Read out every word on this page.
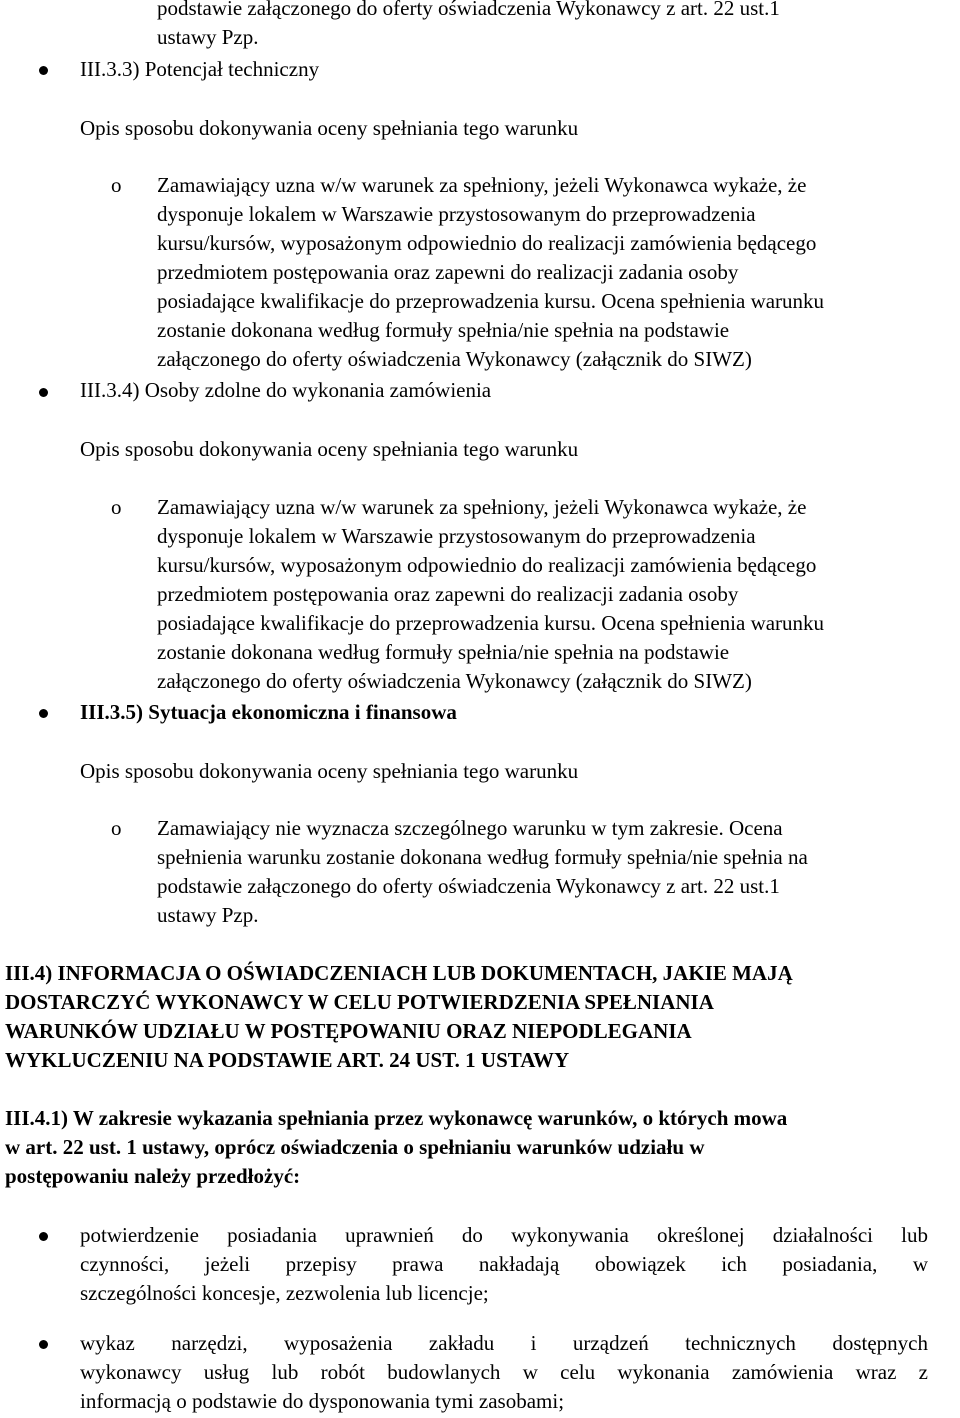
podstawie załączonego do oferty oświadczenia Wykonawcy z art. 22 ust.1
ustawy Pzp.
III.3.3) Potencjał techniczny
Opis sposobu dokonywania oceny spełniania tego warunku
o Zamawiający uzna w/w warunek za spełniony, jeżeli Wykonawca wykaże, że
dysponuje lokalem w Warszawie przystosowanym do przeprowadzenia
kursu/kursów, wyposażonym odpowiednio do realizacji zamówienia będącego
przedmiotem postępowania oraz zapewni do realizacji zadania osoby
posiadające kwalifikacje do przeprowadzenia kursu. Ocena spełnienia warunku
zostanie dokonana według formuły spełnia/nie spełnia na podstawie
załączonego do oferty oświadczenia Wykonawcy (załącznik do SIWZ)
III.3.4) Osoby zdolne do wykonania zamówienia
Opis sposobu dokonywania oceny spełniania tego warunku
o Zamawiający uzna w/w warunek za spełniony, jeżeli Wykonawca wykaże, że
dysponuje lokalem w Warszawie przystosowanym do przeprowadzenia
kursu/kursów, wyposażonym odpowiednio do realizacji zamówienia będącego
przedmiotem postępowania oraz zapewni do realizacji zadania osoby
posiadające kwalifikacje do przeprowadzenia kursu. Ocena spełnienia warunku
zostanie dokonana według formuły spełnia/nie spełnia na podstawie
załączonego do oferty oświadczenia Wykonawcy (załącznik do SIWZ)
III.3.5) Sytuacja ekonomiczna i finansowa
Opis sposobu dokonywania oceny spełniania tego warunku
o Zamawiający nie wyznacza szczególnego warunku w tym zakresie. Ocena
spełnienia warunku zostanie dokonana według formuły spełnia/nie spełnia na
podstawie załączonego do oferty oświadczenia Wykonawcy z art. 22 ust.1
ustawy Pzp.
III.4) INFORMACJA O OŚWIADCZENIACH LUB DOKUMENTACH, JAKIE MAJĄ
DOSTARCZYĆ WYKONAWCY W CELU POTWIERDZENIA SPEŁNIANIA
WARUNKÓW UDZIAŁU W POSTĘPOWANIU ORAZ NIEPODLEGANIA
WYKLUCZENIU NA PODSTAWIE ART. 24 UST. 1 USTAWY
III.4.1) W zakresie wykazania spełniania przez wykonawcę warunków, o których mowa
w art. 22 ust. 1 ustawy, oprócz oświadczenia o spełnianiu warunków udziału w
postępowaniu należy przedłożyć:
potwierdzenie posiadania uprawnień do wykonywania określonej działalności lub
czynności, jeżeli przepisy prawa nakładają obowiązek ich posiadania, w
szczególności koncesje, zezwolenia lub licencje;
wykaz narzędzi, wyposażenia zakładu i urządzeń technicznych dostępnych
wykonawcy usług lub robót budowlanych w celu wykonania zamówienia wraz z
informacją o podstawie do dysponowania tymi zasobami;
